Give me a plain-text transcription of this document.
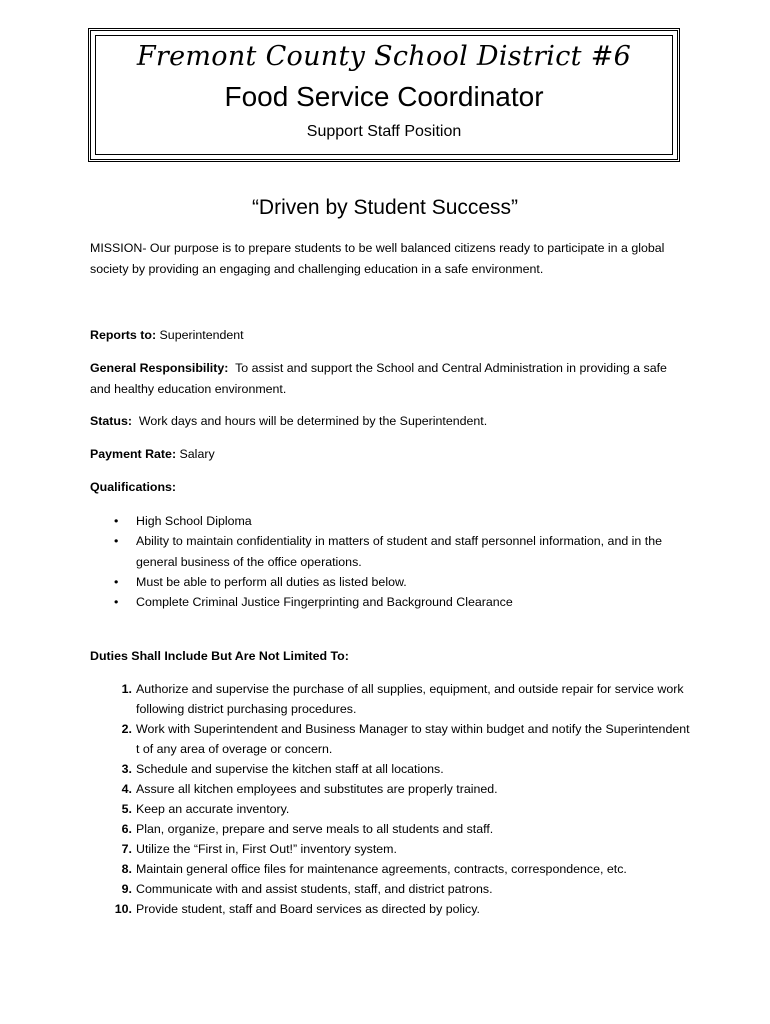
Fremont County School District #6
Food Service Coordinator
Support Staff Position
“Driven by Student Success”
MISSION- Our purpose is to prepare students to be well balanced citizens ready to participate in a global society by providing an engaging and challenging education in a safe environment.
Reports to: Superintendent
General Responsibility: To assist and support the School and Central Administration in providing a safe and healthy education environment.
Status: Work days and hours will be determined by the Superintendent.
Payment Rate: Salary
Qualifications:
• High School Diploma
• Ability to maintain confidentiality in matters of student and staff personnel information, and in the general business of the office operations.
• Must be able to perform all duties as listed below.
• Complete Criminal Justice Fingerprinting and Background Clearance
Duties Shall Include But Are Not Limited To:
1. Authorize and supervise the purchase of all supplies, equipment, and outside repair for service work following district purchasing procedures.
2. Work with Superintendent and Business Manager to stay within budget and notify the Superintendent t of any area of overage or concern.
3. Schedule and supervise the kitchen staff at all locations.
4. Assure all kitchen employees and substitutes are properly trained.
5. Keep an accurate inventory.
6. Plan, organize, prepare and serve meals to all students and staff.
7. Utilize the “First in, First Out!” inventory system.
8. Maintain general office files for maintenance agreements, contracts, correspondence, etc.
9. Communicate with and assist students, staff, and district patrons.
10. Provide student, staff and Board services as directed by policy.
